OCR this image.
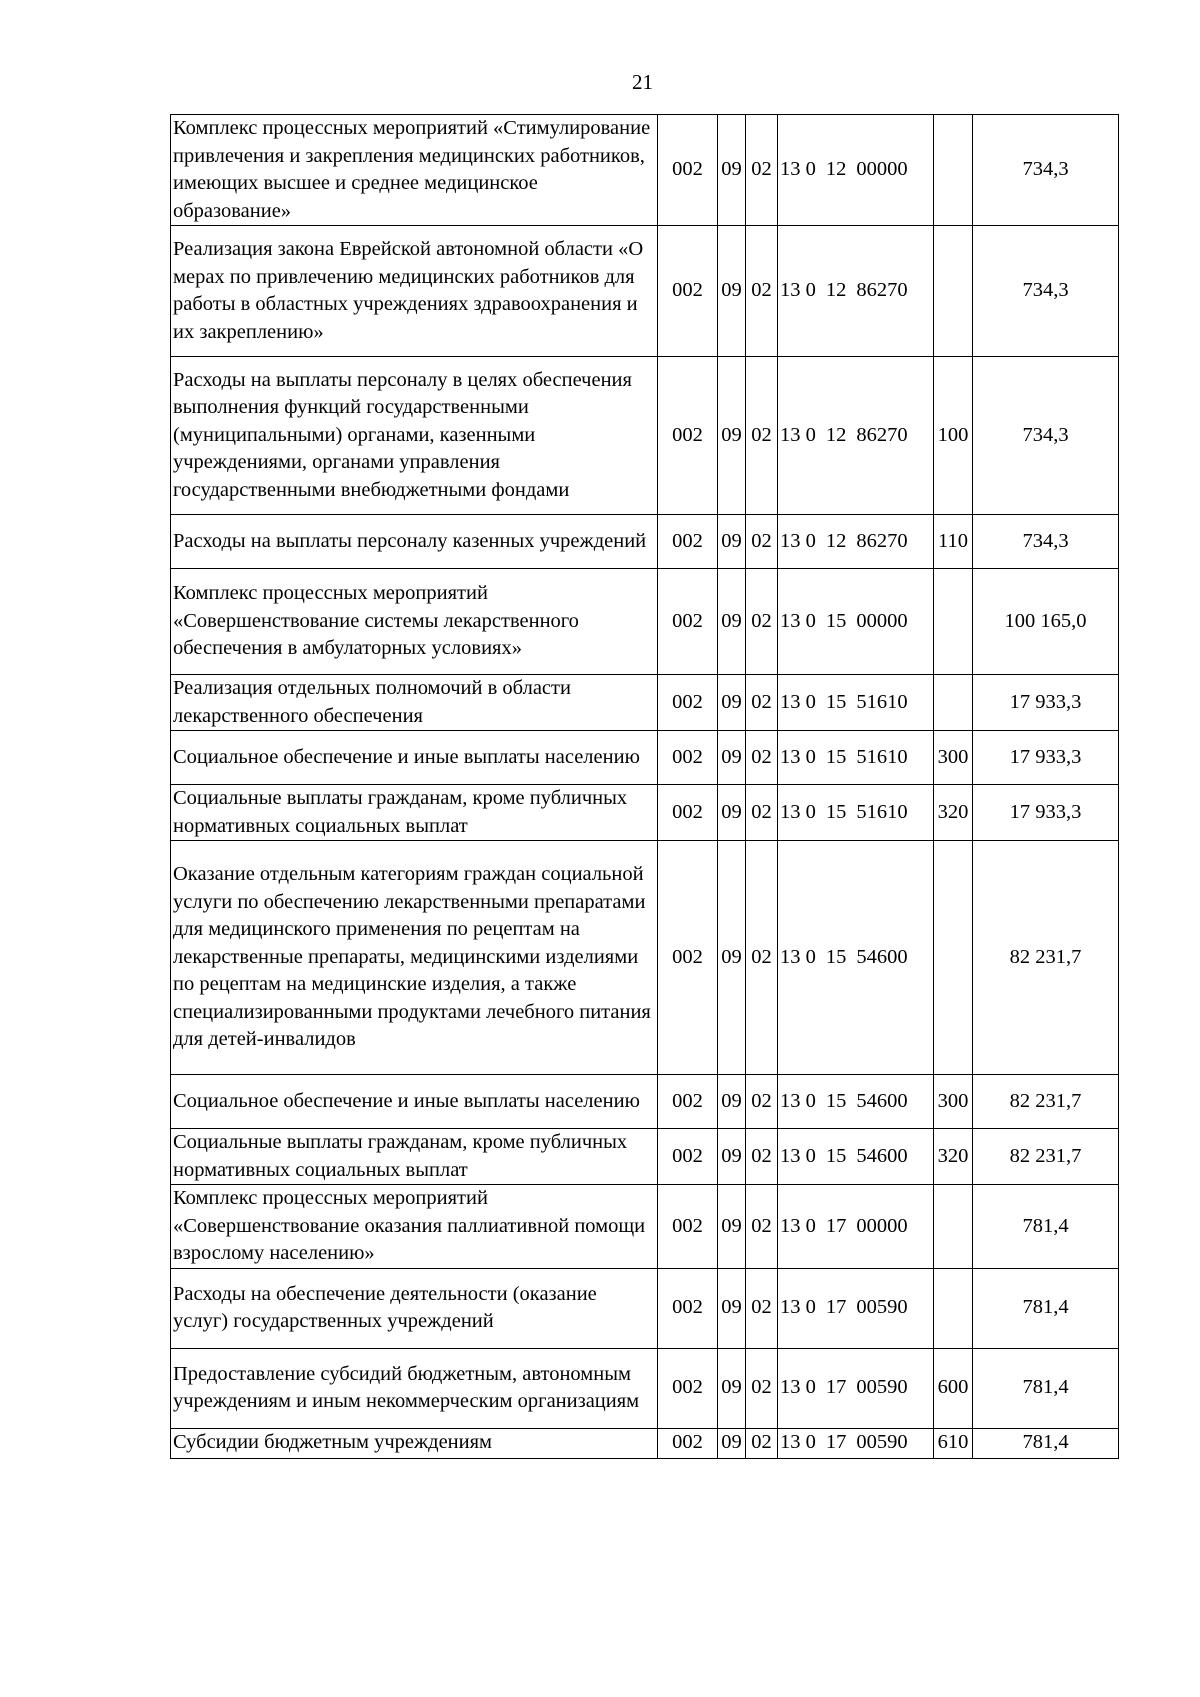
21
Комплекс процессных мероприятий «Стимулирование привлечения и закрепления медицинских работников, имеющих высшее и среднее медицинское образование»	002	09	02	13 0 12 00000		734,3
Реализация закона Еврейской автономной области «О мерах по привлечению медицинских работников для работы в областных учреждениях здравоохранения и их закреплению»	002	09	02	13 0 12 86270		734,3
Расходы на выплаты персоналу в целях обеспечения выполнения функций государственными (муниципальными) органами, казенными учреждениями, органами управления государственными внебюджетными фондами	002	09	02	13 0 12 86270	100	734,3
Расходы на выплаты персоналу казенных учреждений	002	09	02	13 0 12 86270	110	734,3
Комплекс процессных мероприятий «Совершенствование системы лекарственного обеспечения в амбулаторных условиях»	002	09	02	13 0 15 00000		100 165,0
Реализация отдельных полномочий в области лекарственного обеспечения	002	09	02	13 0 15 51610		17 933,3
Социальное обеспечение и иные выплаты населению	002	09	02	13 0 15 51610	300	17 933,3
Социальные выплаты гражданам, кроме публичных нормативных социальных выплат	002	09	02	13 0 15 51610	320	17 933,3
Оказание отдельным категориям граждан социальной услуги по обеспечению лекарственными препаратами для медицинского применения по рецептам на лекарственные препараты, медицинскими изделиями по рецептам на медицинские изделия, а также специализированными продуктами лечебного питания для детей-инвалидов	002	09	02	13 0 15 54600		82 231,7
Социальное обеспечение и иные выплаты населению	002	09	02	13 0 15 54600	300	82 231,7
Социальные выплаты гражданам, кроме публичных нормативных социальных выплат	002	09	02	13 0 15 54600	320	82 231,7
Комплекс процессных мероприятий «Совершенствование оказания паллиативной помощи взрослому населению»	002	09	02	13 0 17 00000		781,4
Расходы на обеспечение деятельности (оказание услуг) государственных учреждений	002	09	02	13 0 17 00590		781,4
Предоставление субсидий бюджетным, автономным учреждениям и иным некоммерческим организациям	002	09	02	13 0 17 00590	600	781,4
Субсидии бюджетным учреждениям	002	09	02	13 0 17 00590	610	781,4
